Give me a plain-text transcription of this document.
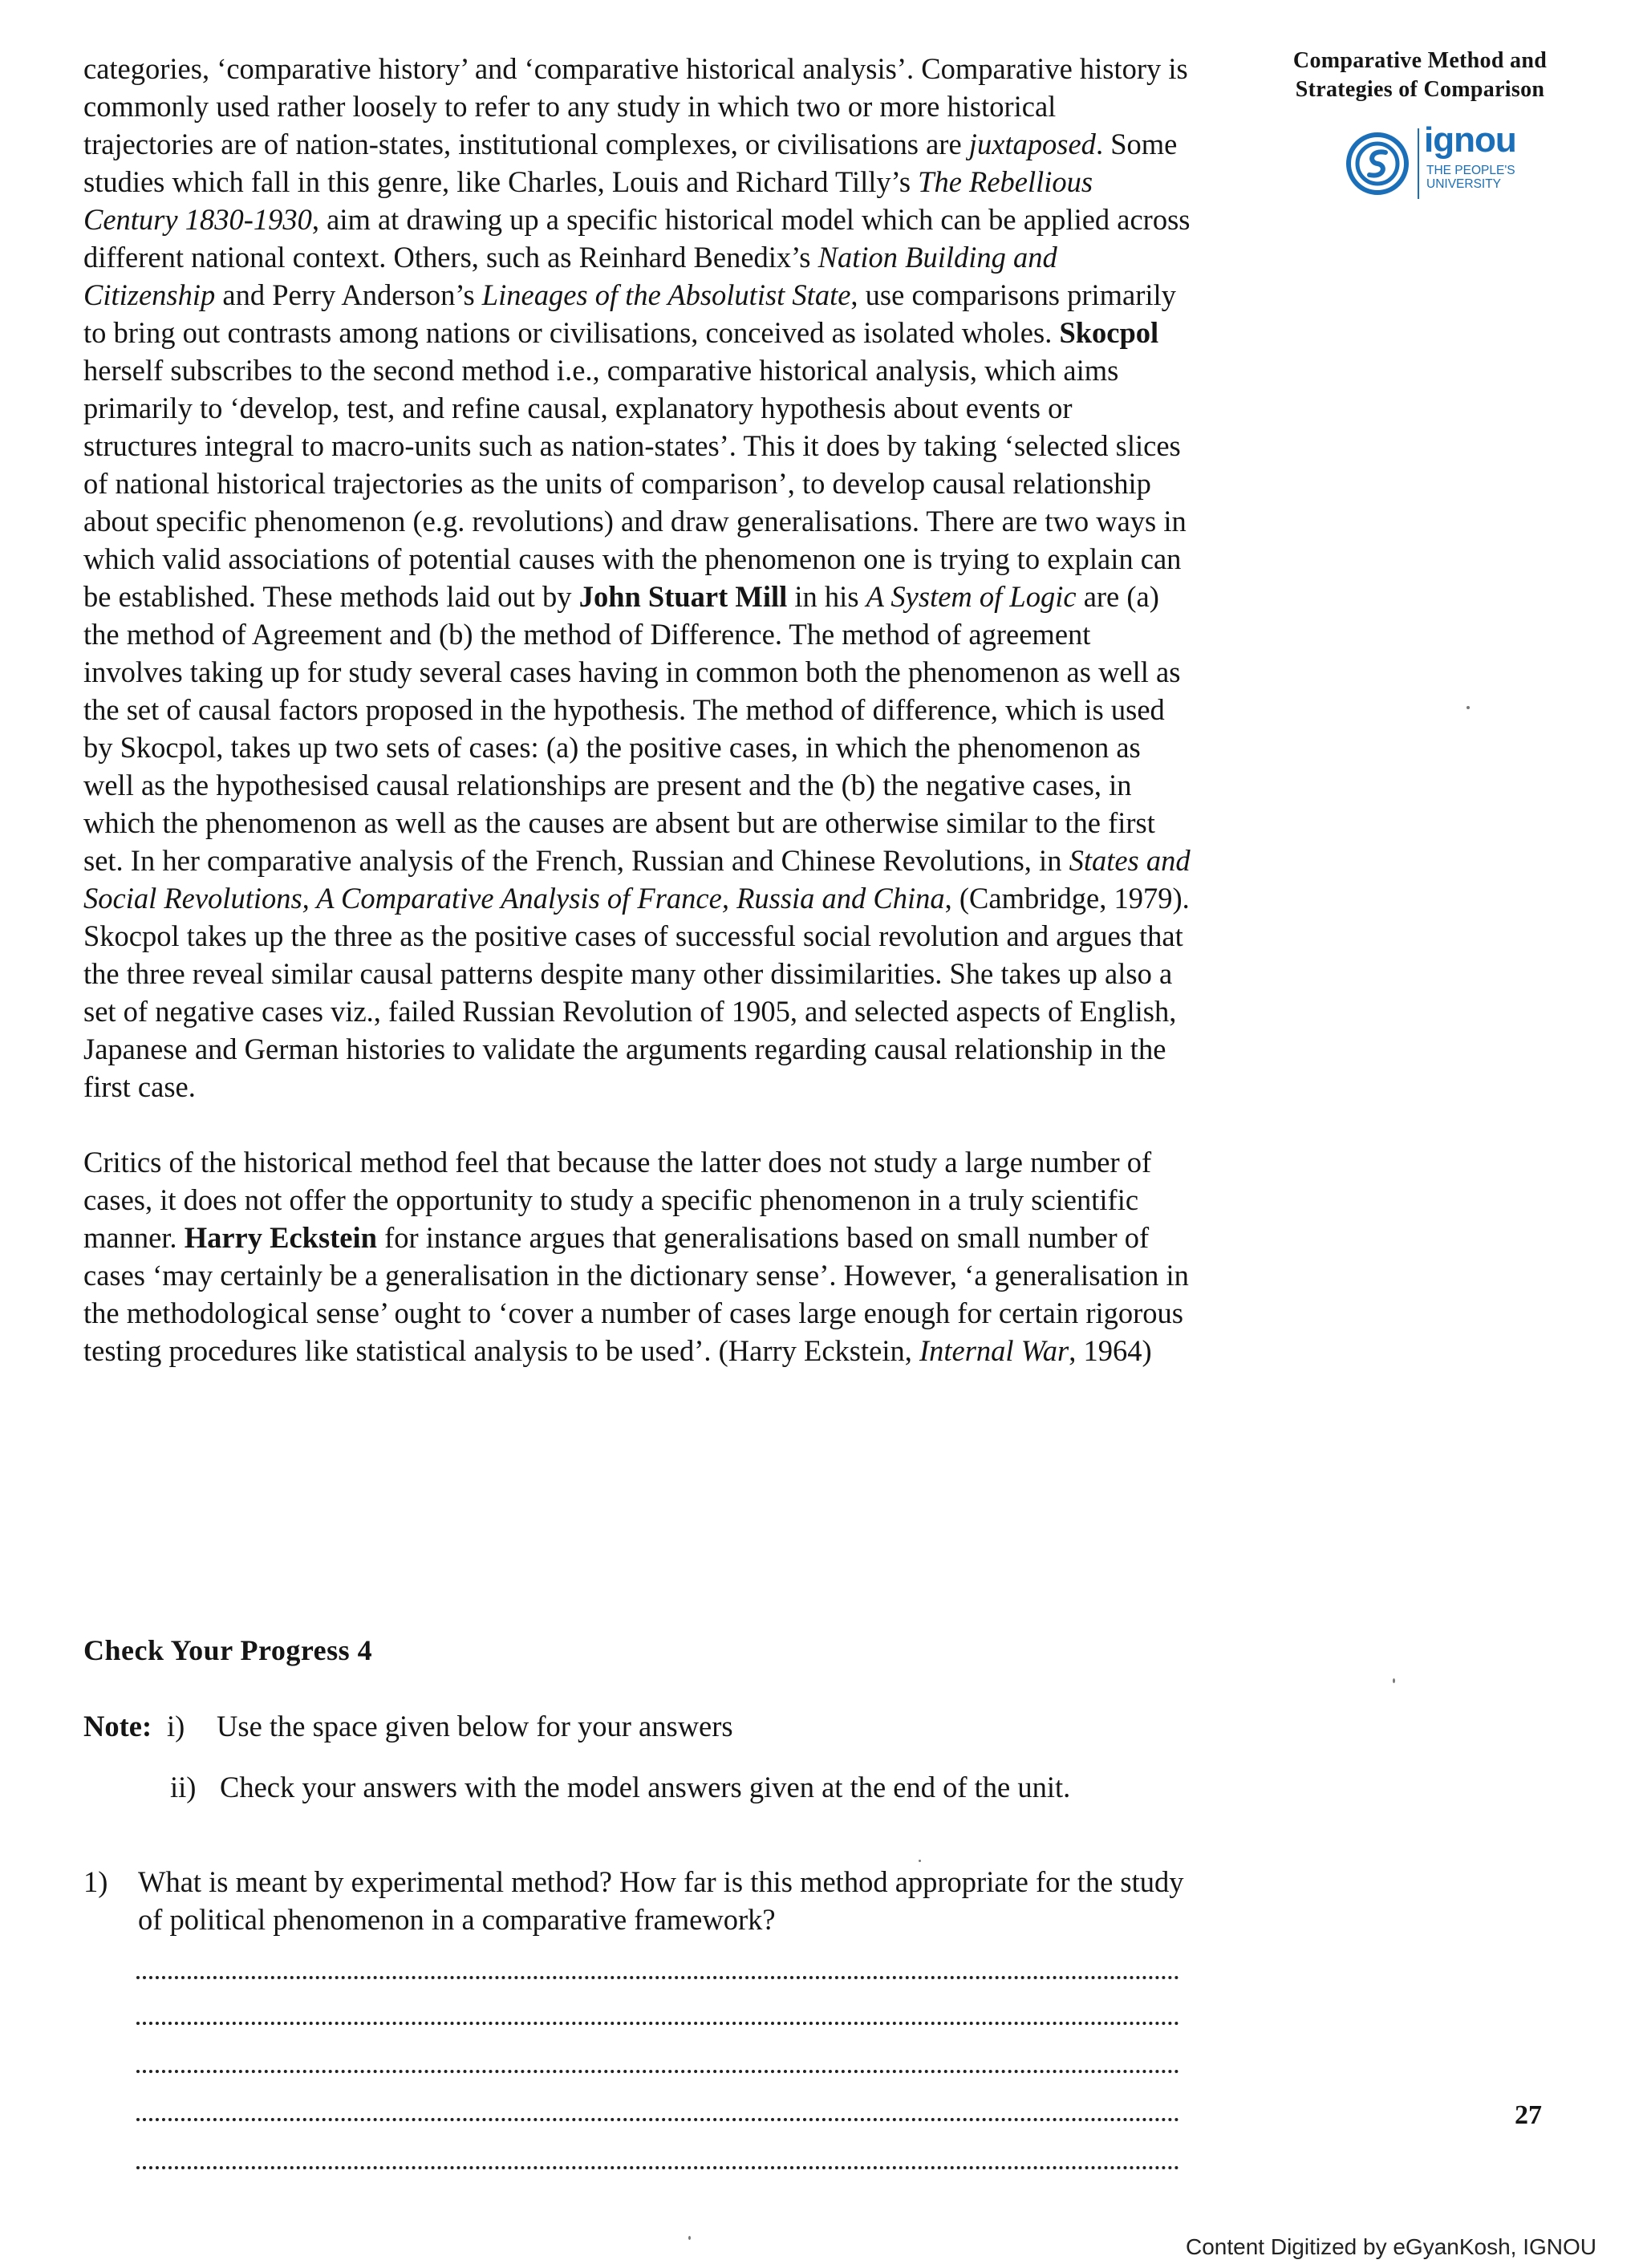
Comparative Method and
Strategies of Comparison
ignou
THE PEOPLE'S
UNIVERSITY

categories, ‘comparative history’ and ‘comparative historical analysis’. Comparative history is commonly used rather loosely to refer to any study in which two or more historical trajectories are of nation-states, institutional complexes, or civilisations are juxtaposed. Some studies which fall in this genre, like Charles, Louis and Richard Tilly’s The Rebellious Century 1830-1930, aim at drawing up a specific historical model which can be applied across different national context. Others, such as Reinhard Benedix’s Nation Building and Citizenship and Perry Anderson’s Lineages of the Absolutist State, use comparisons primarily to bring out contrasts among nations or civilisations, conceived as isolated wholes. Skocpol herself subscribes to the second method i.e., comparative historical analysis, which aims primarily to ‘develop, test, and refine causal, explanatory hypothesis about events or structures integral to macro-units such as nation-states’. This it does by taking ‘selected slices of national historical trajectories as the units of comparison’, to develop causal relationship about specific phenomenon (e.g. revolutions) and draw generalisations. There are two ways in which valid associations of potential causes with the phenomenon one is trying to explain can be established. These methods laid out by John Stuart Mill in his A System of Logic are (a) the method of Agreement and (b) the method of Difference. The method of agreement involves taking up for study several cases having in common both the phenomenon as well as the set of causal factors proposed in the hypothesis. The method of difference, which is used by Skocpol, takes up two sets of cases: (a) the positive cases, in which the phenomenon as well as the hypothesised causal relationships are present and the (b) the negative cases, in which the phenomenon as well as the causes are absent but are otherwise similar to the first set. In her comparative analysis of the French, Russian and Chinese Revolutions, in States and Social Revolutions, A Comparative Analysis of France, Russia and China, (Cambridge, 1979). Skocpol takes up the three as the positive cases of successful social revolution and argues that the three reveal similar causal patterns despite many other dissimilarities. She takes up also a set of negative cases viz., failed Russian Revolution of 1905, and selected aspects of English, Japanese and German histories to validate the arguments regarding causal relationship in the first case.

Critics of the historical method feel that because the latter does not study a large number of cases, it does not offer the opportunity to study a specific phenomenon in a truly scientific manner. Harry Eckstein for instance argues that generalisations based on small number of cases ‘may certainly be a generalisation in the dictionary sense’. However, ‘a generalisation in the methodological sense’ ought to ‘cover a number of cases large enough for certain rigorous testing procedures like statistical analysis to be used’. (Harry Eckstein, Internal War, 1964)

Check Your Progress 4
Note: i)	Use the space given below for your answers
ii) Check your answers with the model answers given at the end of the unit.
1)	What is meant by experimental method? How far is this method appropriate for the study of political phenomenon in a comparative framework?
27
Content Digitized by eGyanKosh, IGNOU
